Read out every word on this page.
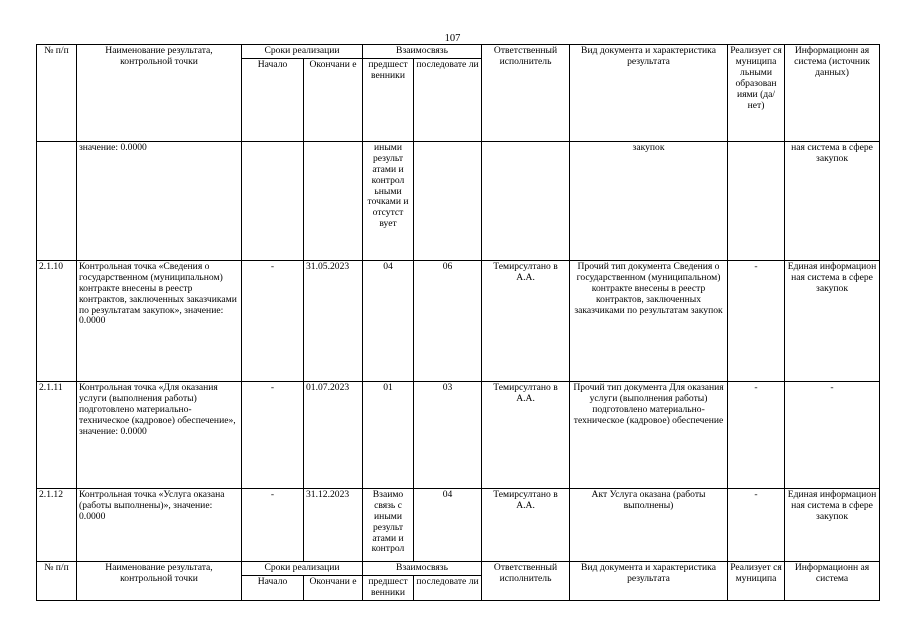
107
№ п/п	Наименование результата, контрольной точки	Сроки реализации		Взаимосвязь		Ответственный исполнитель	Вид документа и характеристика результата	Реализует ся муниципа льными образован иями (да/нет)	Информационн ая система (источник данных)
		Начало	Окончани е	предшест венники	последовате ли				
	значение: 0.0000			иными результ атами и контрол ьными точками и отсутст вует			закупок		ная система в сфере закупок
2.1.10	Контрольная точка «Сведения о государственном (муниципальном) контракте внесены в реестр контрактов, заключенных заказчиками по результатам закупок», значение: 0.0000	-	31.05.2023	04	06	Темирсултано в А.А.	Прочий тип документа Сведения о государственном (муниципальном) контракте внесены в реестр контрактов, заключенных заказчиками по результатам закупок	-	Единая информацион ная система в сфере закупок
2.1.11	Контрольная точка «Для оказания услуги (выполнения работы) подготовлено материально-техническое (кадровое) обеспечение», значение: 0.0000	-	01.07.2023	01	03	Темирсултано в А.А.	Прочий тип документа Для оказания услуги (выполнения работы) подготовлено материально-техническое (кадровое) обеспечение	-	-
2.1.12	Контрольная точка «Услуга оказана (работы выполнены)», значение: 0.0000	-	31.12.2023	Взаимо связь с иными результ атами и контрол	04	Темирсултано в А.А.	Акт Услуга оказана (работы выполнены)	-	Единая информацион ная система в сфере закупок
№ п/п	Наименование результата, контрольной точки	Сроки реализации		Взаимосвязь		Ответственный исполнитель	Вид документа и характеристика результата	Реализует ся муниципа	Информационн ая система
		Начало	Окончани е	предшест венники	последовате ли				
